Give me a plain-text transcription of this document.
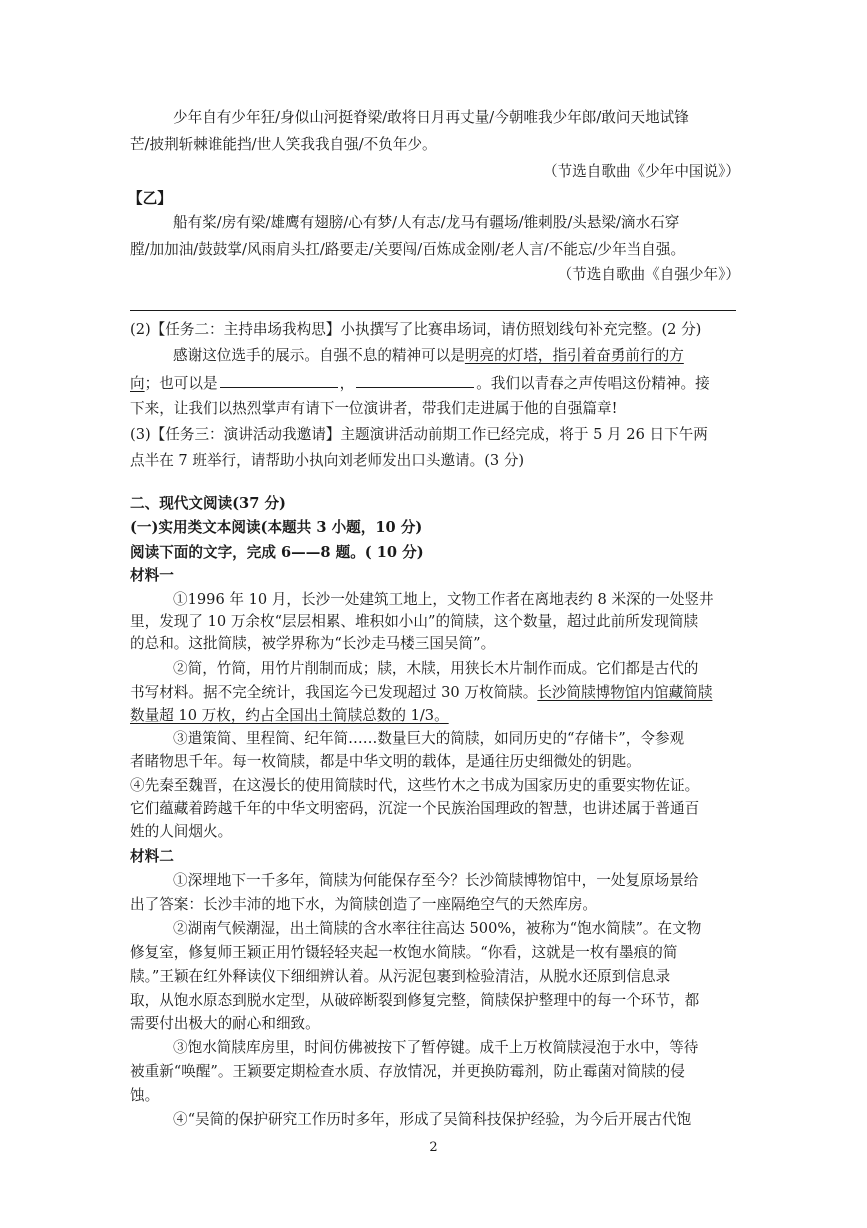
少年自有少年狂/身似山河挺脊梁/敢将日月再丈量/今朝唯我少年郎/敢问天地试锋
芒/披荆斩棘谁能挡/世人笑我我自强/不负年少。
（节选自歌曲《少年中国说》）
【乙】
船有桨/房有梁/雄鹰有翅膀/心有梦/人有志/龙马有疆场/锥刺股/头悬梁/滴水石穿
膛/加加油/鼓鼓掌/风雨肩头扛/路要走/关要闯/百炼成金刚/老人言/不能忘/少年当自强。
（节选自歌曲《自强少年》）
(2)【任务二：主持串场我构思】小执撰写了比赛串场词，请仿照划线句补充完整。(2 分)
感谢这位选手的展示。自强不息的精神可以是明亮的灯塔，指引着奋勇前行的方
向；也可以是	，	。我们以青春之声传唱这份精神。接
下来，让我们以热烈掌声有请下一位演讲者，带我们走进属于他的自强篇章!
(3)【任务三：演讲活动我邀请】主题演讲活动前期工作已经完成，将于 5 月 26 日下午两
点半在 7 班举行，请帮助小执向刘老师发出口头邀请。(3 分)
二、现代文阅读(37 分)
(一)实用类文本阅读(本题共 3 小题，10 分)
阅读下面的文字，完成 6——8 题。( 10 分)
材料一
①1996 年 10 月，长沙一处建筑工地上，文物工作者在离地表约 8 米深的一处竖井
里，发现了 10 万余枚“层层相累、堆积如小山”的简牍，这个数量，超过此前所发现简牍
的总和。这批简牍，被学界称为“长沙走马楼三国吴简”。
②简，竹简，用竹片削制而成；牍，木牍，用狭长木片制作而成。它们都是古代的
书写材料。据不完全统计，我国迄今已发现超过 30 万枚简牍。长沙简牍博物馆内馆藏简牍
数量超 10 万枚，约占全国出土简牍总数的 1/3。
③遣策简、里程简、纪年简……数量巨大的简牍，如同历史的“存储卡”，令参观
者睹物思千年。每一枚简牍，都是中华文明的载体，是通往历史细微处的钥匙。
④先秦至魏晋，在这漫长的使用简牍时代，这些竹木之书成为国家历史的重要实物佐证。
它们蕴藏着跨越千年的中华文明密码，沉淀一个民族治国理政的智慧，也讲述属于普通百
姓的人间烟火。
材料二
①深埋地下一千多年，简牍为何能保存至今？长沙简牍博物馆中，一处复原场景给
出了答案：长沙丰沛的地下水，为简牍创造了一座隔绝空气的天然库房。
②湖南气候潮湿，出土简牍的含水率往往高达 500%，被称为“饱水简牍”。在文物
修复室，修复师王颖正用竹镊轻轻夹起一枚饱水简牍。“你看，这就是一枚有墨痕的简
牍。”王颖在红外释读仪下细细辨认着。从污泥包裹到检验清洁，从脱水还原到信息录
取，从饱水原态到脱水定型，从破碎断裂到修复完整，简牍保护整理中的每一个环节，都
需要付出极大的耐心和细致。
③饱水简牍库房里，时间仿佛被按下了暂停键。成千上万枚简牍浸泡于水中，等待
被重新“唤醒”。王颖要定期检查水质、存放情况，并更换防霉剂，防止霉菌对简牍的侵
蚀。
④“吴简的保护研究工作历时多年，形成了吴简科技保护经验，为今后开展古代饱
2
